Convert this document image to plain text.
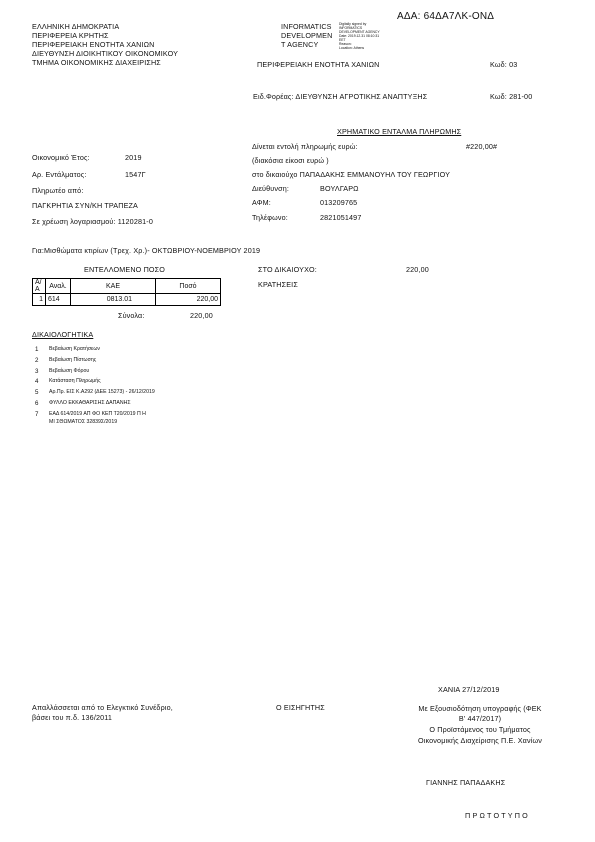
ΑΔΑ: 64ΔΑ7ΛΚ-ΟΝΔ
ΕΛΛΗΝΙΚΗ ΔΗΜΟΚΡΑΤΙΑ
ΠΕΡΙΦΕΡΕΙΑ ΚΡΗΤΗΣ
ΠΕΡΙΦΕΡΕΙΑΚΗ ΕΝΟΤΗΤΑ ΧΑΝΙΩΝ
ΔΙΕΥΘΥΝΣΗ ΔΙΟΙΚΗΤΙΚΟΥ ΟΙΚΟΝΟΜΙΚΟΥ
ΤΜΗΜΑ ΟΙΚΟΝΟΜΙΚΗΣ ΔΙΑΧΕΙΡΙΣΗΣ
INFORMATICS
DEVELOPMEN
T AGENCY
Digitally signed by
INFORMATICS
DEVELOPMENT AGENCY
Date: 2019.12.31 08:10:31
EET
Reason:
Location: Athens
ΠΕΡΙΦΕΡΕΙΑΚΗ ΕΝΟΤΗΤΑ ΧΑΝΙΩΝ	Κωδ: 03
Ειδ.Φορέας: ΔΙΕΥΘΥΝΣΗ ΑΓΡΟΤΙΚΗΣ ΑΝΑΠΤΥΞΗΣ	Κωδ: 281-00
ΧΡΗΜΑΤΙΚΟ ΕΝΤΑΛΜΑ ΠΛΗΡΩΜΗΣ
Οικονομικό Έτος:	2019
Αρ. Εντάλματος:	1547Γ
Πληρωτέο από:
ΠΑΓΚΡΗΤΙΑ ΣΥΝ/ΚΗ ΤΡΑΠΕΖΑ
Σε χρέωση λογαριασμού: 1120281-0
Δίνεται εντολή πληρωμής ευρώ:	#220,00#
(διακόσια είκοσι ευρώ )
στο δικαιούχο ΠΑΠΑΔΑΚΗΣ ΕΜΜΑΝΟΥΗΛ ΤΟΥ ΓΕΩΡΓΙΟΥ
Διεύθυνση:	ΒΟΥΛΓΑΡΩ
ΑΦΜ:	013209765
Τηλέφωνο:	2821051497
Για:Μισθώματα κτιρίων (Τρεχ. Χρ.)- ΟΚΤΩΒΡΙΟΥ-ΝΟΕΜΒΡΙΟΥ 2019
ΕΝΤΕΛΛΟΜΕΝΟ ΠΟΣΟ
Α/Α	Αναλ.	ΚΑΕ	Ποσό
1	614	0813.01	220,00
Σύνολα:	220,00
ΣΤΟ ΔΙΚΑΙΟΥΧΟ:	220,00
ΚΡΑΤΗΣΕΙΣ
ΔΙΚΑΙΟΛΟΓΗΤΙΚΑ
1	Βεβαίωση Κρατήσεων
2	Βεβαίωση Πίστωσης
3	Βεβαίωση Φόρου
4	Κατάσταση Πληρωμής
5	Αρ.Πρ. ΕΙΣ Κ.Α292 (ΔΕΕ 15273) - 26/12/2019
6	ΦΥΛΛΟ ΕΚΚΑΘΑΡΙΣΗΣ ΔΑΠΑΝΗΣ
7	ΕΑΔ 614/2019 ΑΠ ΦΟ ΚΕΠ Τ20/2019 Π Η
ΜΙ ΣΘΩΜΑΤΟΣ 32839Σ/2019
ΧΑΝΙΑ 27/12/2019
Απαλλάσσεται από το Ελεγκτικό Συνέδριο,
βάσει του π.δ. 136/2011
Ο ΕΙΣΗΓΗΤΗΣ	Με Εξουσιοδότηση υπογραφής (ΦΕΚ
Β' 447/2017)
Ο Προϊστάμενος του Τμήματος
Οικονομικής Διαχείρισης Π.Ε. Χανίων
ΓΙΑΝΝΗΣ ΠΑΠΑΔΑΚΗΣ
Π Ρ Ω Τ Ο Τ Υ Π Ο
